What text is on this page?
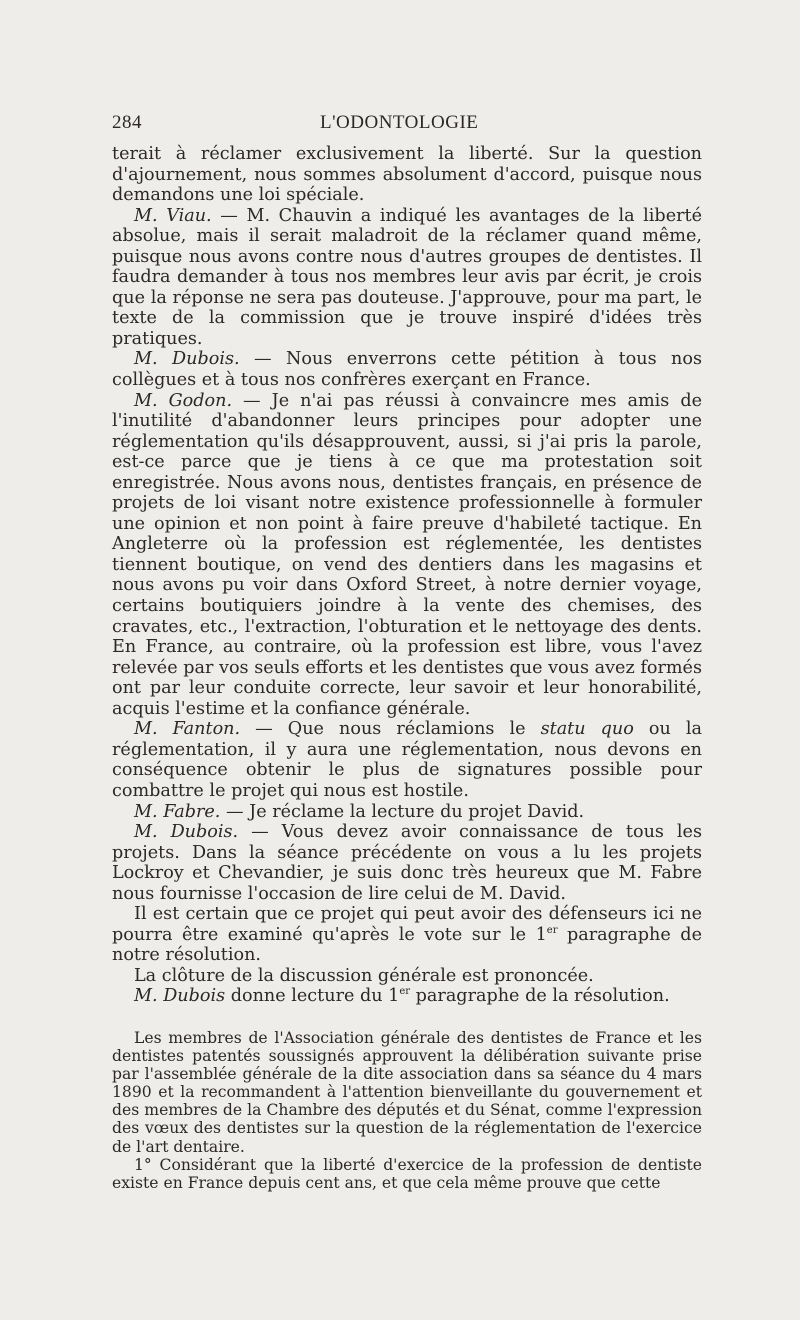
284	L'ODONTOLOGIE

terait à réclamer exclusivement la liberté. Sur la question d'ajournement, nous sommes absolument d'accord, puisque nous demandons une loi spéciale.

M. Viau. — M. Chauvin a indiqué les avantages de la liberté absolue, mais il serait maladroit de la réclamer quand même, puisque nous avons contre nous d'autres groupes de dentistes. Il faudra demander à tous nos membres leur avis par écrit, je crois que la réponse ne sera pas douteuse. J'approuve, pour ma part, le texte de la commission que je trouve inspiré d'idées très pratiques.

M. Dubois. — Nous enverrons cette pétition à tous nos collègues et à tous nos confrères exerçant en France.

M. Godon. — Je n'ai pas réussi à convaincre mes amis de l'inutilité d'abandonner leurs principes pour adopter une réglementation qu'ils désapprouvent, aussi, si j'ai pris la parole, est-ce parce que je tiens à ce que ma protestation soit enregistrée. Nous avons nous, dentistes français, en présence de projets de loi visant notre existence professionnelle à formuler une opinion et non point à faire preuve d'habileté tactique. En Angleterre où la profession est réglementée, les dentistes tiennent boutique, on vend des dentiers dans les magasins et nous avons pu voir dans Oxford Street, à notre dernier voyage, certains boutiquiers joindre à la vente des chemises, des cravates, etc., l'extraction, l'obturation et le nettoyage des dents. En France, au contraire, où la profession est libre, vous l'avez relevée par vos seuls efforts et les dentistes que vous avez formés ont par leur conduite correcte, leur savoir et leur honorabilité, acquis l'estime et la confiance générale.

M. Fanton. — Que nous réclamions le statu quo ou la réglementation, il y aura une réglementation, nous devons en conséquence obtenir le plus de signatures possible pour combattre le projet qui nous est hostile.

M. Fabre. — Je réclame la lecture du projet David.

M. Dubois. — Vous devez avoir connaissance de tous les projets. Dans la séance précédente on vous a lu les projets Lockroy et Chevandier, je suis donc très heureux que M. Fabre nous fournisse l'occasion de lire celui de M. David.

Il est certain que ce projet qui peut avoir des défenseurs ici ne pourra être examiné qu'après le vote sur le 1er paragraphe de notre résolution.

La clôture de la discussion générale est prononcée.

M. Dubois donne lecture du 1er paragraphe de la résolution.

Les membres de l'Association générale des dentistes de France et les dentistes patentés soussignés approuvent la délibération suivante prise par l'assemblée générale de la dite association dans sa séance du 4 mars 1890 et la recommandent à l'attention bienveillante du gouvernement et des membres de la Chambre des députés et du Sénat, comme l'expression des vœux des dentistes sur la question de la réglementation de l'exercice de l'art dentaire.

1° Considérant que la liberté d'exercice de la profession de dentiste existe en France depuis cent ans, et que cela même prouve que cette
